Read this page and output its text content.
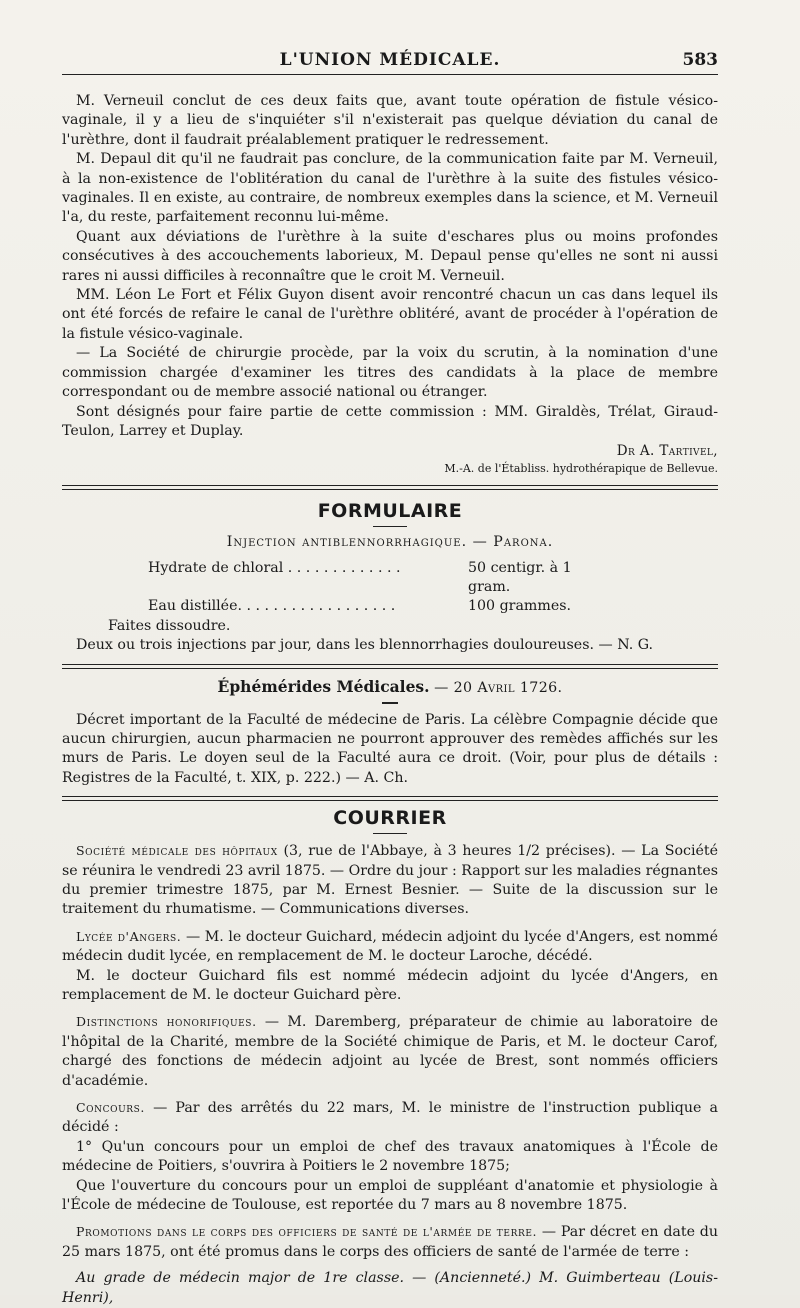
L'UNION MÉDICALE.	583

M. Verneuil conclut de ces deux faits que, avant toute opération de fistule vésico-vaginale, il y a lieu de s'inquiéter s'il n'existerait pas quelque déviation du canal de l'urèthre, dont il faudrait préalablement pratiquer le redressement.

M. Depaul dit qu'il ne faudrait pas conclure, de la communication faite par M. Verneuil, à la non-existence de l'oblitération du canal de l'urèthre à la suite des fistules vésico-vaginales. Il en existe, au contraire, de nombreux exemples dans la science, et M. Verneuil l'a, du reste, parfaitement reconnu lui-même.

Quant aux déviations de l'urèthre à la suite d'eschares plus ou moins profondes consécutives à des accouchements laborieux, M. Depaul pense qu'elles ne sont ni aussi rares ni aussi difficiles à reconnaître que le croit M. Verneuil.

MM. Léon Le Fort et Félix Guyon disent avoir rencontré chacun un cas dans lequel ils ont été forcés de refaire le canal de l'urèthre oblitéré, avant de procéder à l'opération de la fistule vésico-vaginale.

— La Société de chirurgie procède, par la voix du scrutin, à la nomination d'une commission chargée d'examiner les titres des candidats à la place de membre correspondant ou de membre associé national ou étranger.

Sont désignés pour faire partie de cette commission : MM. Giraldès, Trélat, Giraud-Teulon, Larrey et Duplay.

Dr A. Tartivel,
M.-A. de l'Établiss. hydrothérapique de Bellevue.
FORMULAIRE
Injection antiblennorrhagique. — Parona.
Hydrate de chloral . . . . . . . . . . . . .	50 centigr. à 1 gram.
Eau distillée. . . . . . . . . . . . . . . . . .	100 grammes.

Faites dissoudre.

Deux ou trois injections par jour, dans les blennorrhagies douloureuses. — N. G.

Éphémérides Médicales. — 20 Avril 1726.

Décret important de la Faculté de médecine de Paris. La célèbre Compagnie décide que aucun chirurgien, aucun pharmacien ne pourront approuver des remèdes affichés sur les murs de Paris. Le doyen seul de la Faculté aura ce droit. (Voir, pour plus de détails : Registres de la Faculté, t. XIX, p. 222.) — A. Ch.

COURRIER

Société médicale des hôpitaux (3, rue de l'Abbaye, à 3 heures 1/2 précises). — La Société se réunira le vendredi 23 avril 1875. — Ordre du jour : Rapport sur les maladies régnantes du premier trimestre 1875, par M. Ernest Besnier. — Suite de la discussion sur le traitement du rhumatisme. — Communications diverses.

Lycée d'Angers. — M. le docteur Guichard, médecin adjoint du lycée d'Angers, est nommé médecin dudit lycée, en remplacement de M. le docteur Laroche, décédé.

M. le docteur Guichard fils est nommé médecin adjoint du lycée d'Angers, en remplacement de M. le docteur Guichard père.

Distinctions honorifiques. — M. Daremberg, préparateur de chimie au laboratoire de l'hôpital de la Charité, membre de la Société chimique de Paris, et M. le docteur Carof, chargé des fonctions de médecin adjoint au lycée de Brest, sont nommés officiers d'académie.

Concours. — Par des arrêtés du 22 mars, M. le ministre de l'instruction publique a décidé :

1° Qu'un concours pour un emploi de chef des travaux anatomiques à l'École de médecine de Poitiers, s'ouvrira à Poitiers le 2 novembre 1875;

Que l'ouverture du concours pour un emploi de suppléant d'anatomie et physiologie à l'École de médecine de Toulouse, est reportée du 7 mars au 8 novembre 1875.

Promotions dans le corps des officiers de santé de l'armée de terre. — Par décret en date du 25 mars 1875, ont été promus dans le corps des officiers de santé de l'armée de terre :

Au grade de médecin major de 1re classe. — (Ancienneté.) M. Guimberteau (Louis-Henri),
